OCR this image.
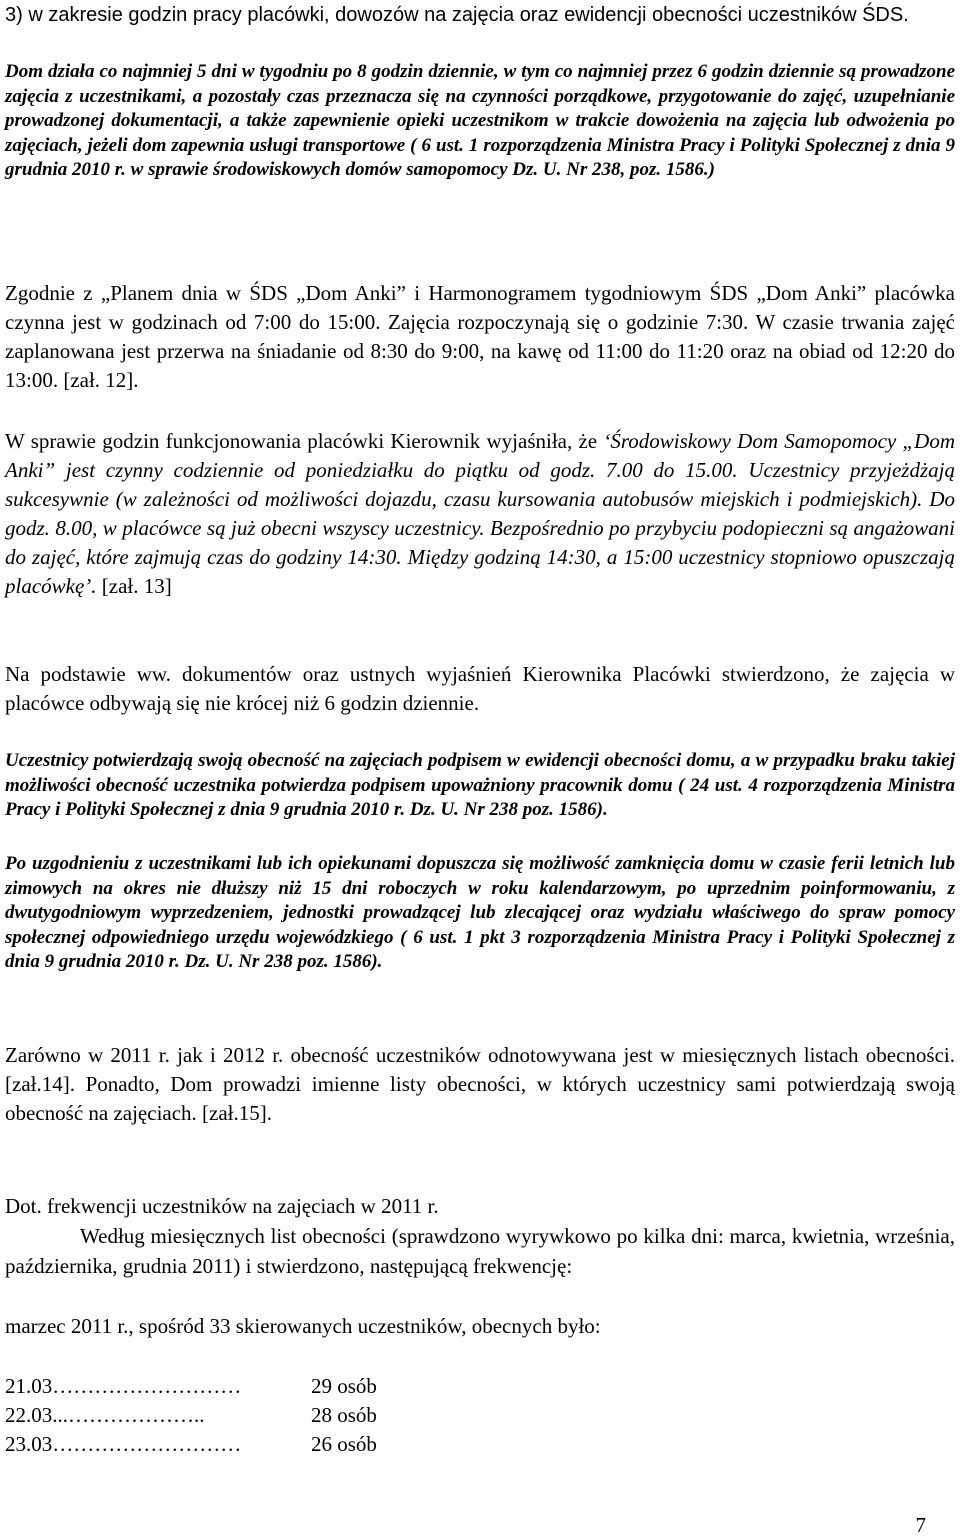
3) w zakresie godzin pracy placówki, dowozów na zajęcia oraz ewidencji obecności uczestników ŚDS.

Dom działa co najmniej 5 dni w tygodniu po 8 godzin dziennie, w tym co najmniej przez 6 godzin dziennie są prowadzone zajęcia z uczestnikami, a pozostały czas przeznacza się na czynności porządkowe, przygotowanie do zajęć, uzupełnianie prowadzonej dokumentacji, a także zapewnienie opieki uczestnikom w trakcie dowożenia na zajęcia lub odwożenia po zajęciach, jeżeli dom zapewnia usługi transportowe ( 6 ust. 1 rozporządzenia Ministra Pracy i Polityki Społecznej z dnia 9 grudnia 2010 r. w sprawie środowiskowych domów samopomocy Dz. U. Nr 238, poz. 1586.)

Zgodnie z „Planem dnia w ŚDS „Dom Anki” i Harmonogramem tygodniowym ŚDS „Dom Anki” placówka czynna jest w godzinach od 7:00 do 15:00. Zajęcia rozpoczynają się o godzinie 7:30. W czasie trwania zajęć zaplanowana jest przerwa na śniadanie od 8:30 do 9:00, na kawę od 11:00 do 11:20 oraz na obiad od 12:20 do 13:00. [zał. 12].

W sprawie godzin funkcjonowania placówki Kierownik wyjaśniła, że ‘Środowiskowy Dom Samopomocy „Dom Anki” jest czynny codziennie od poniedziałku do piątku od godz. 7.00 do 15.00. Uczestnicy przyjeżdżają sukcesywnie (w zależności od możliwości dojazdu, czasu kursowania autobusów miejskich i podmiejskich). Do godz. 8.00, w placówce są już obecni wszyscy uczestnicy. Bezpośrednio po przybyciu podopieczni są angażowani do zajęć, które zajmują czas do godziny 14:30. Między godziną 14:30, a 15:00 uczestnicy stopniowo opuszczają placówkę’. [zał. 13]

Na podstawie ww. dokumentów oraz ustnych wyjaśnień Kierownika Placówki stwierdzono, że zajęcia w placówce odbywają się nie krócej niż 6 godzin dziennie.

Uczestnicy potwierdzają swoją obecność na zajęciach podpisem w ewidencji obecności domu, a w przypadku braku takiej możliwości obecność uczestnika potwierdza podpisem upoważniony pracownik domu ( 24 ust. 4 rozporządzenia Ministra Pracy i Polityki Społecznej z dnia 9 grudnia 2010 r. Dz. U. Nr 238 poz. 1586).

Po uzgodnieniu z uczestnikami lub ich opiekunami dopuszcza się możliwość zamknięcia domu w czasie ferii letnich lub zimowych na okres nie dłuższy niż 15 dni roboczych w roku kalendarzowym, po uprzednim poinformowaniu, z dwutygodniowym wyprzedzeniem, jednostki prowadzącej lub zlecającej oraz wydziału właściwego do spraw pomocy społecznej odpowiedniego urzędu wojewódzkiego ( 6 ust. 1 pkt 3 rozporządzenia Ministra Pracy i Polityki Społecznej z dnia 9 grudnia 2010 r. Dz. U. Nr 238 poz. 1586).

Zarówno w 2011 r. jak i 2012 r. obecność uczestników odnotowywana jest w miesięcznych listach obecności. [zał.14]. Ponadto, Dom prowadzi imienne listy obecności, w których uczestnicy sami potwierdzają swoją obecność na zajęciach. [zał.15].

Dot. frekwencji uczestników na zajęciach w 2011 r.

Według miesięcznych list obecności (sprawdzono wyrywkowo po kilka dni: marca, kwietnia, września, października, grudnia 2011) i stwierdzono, następującą frekwencję:

marzec 2011 r., spośród 33 skierowanych uczestników, obecnych było:

21.03………………………	29 osób
22.03...………………..	28 osób
23.03………………………	26 osób
7
